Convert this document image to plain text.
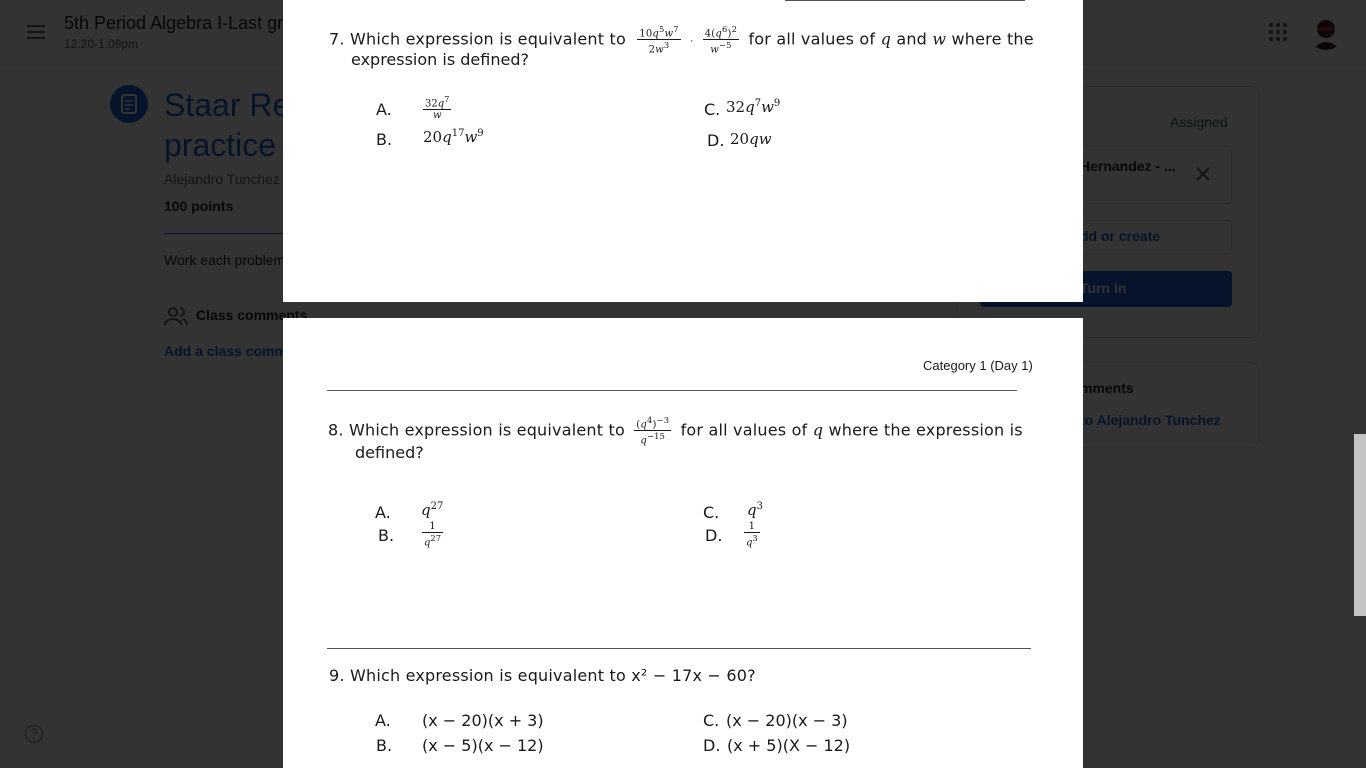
7. Which expression is equivalent to $\frac{10q^5w^7}{2w^3} \cdot \frac{4(q^6)^2}{w^{-5}}$ for all values of q and w where the
expression is defined?
A.	$\frac{32q^7}{w}$
B. $20q^{17}w^9$
C. $32q^7w^9$
D. 20qw
Category 1 (Day 1)
8. Which expression is equivalent to $\frac{(q^4)^{-3}}{q^{-15}}$ for all values of q where the expression is
defined?
A. $q^{27}$
B.	$\frac{1}{q^{27}}$
C. $q^3$
D. $\frac{1}{q^3}$
9. Which expression is equivalent to x² − 17x − 60?
A. (x − 20)(x + 3)
B. (x − 5)(x − 12)
C. (x − 20)(x − 3)
D. (x + 5)(X − 12)
